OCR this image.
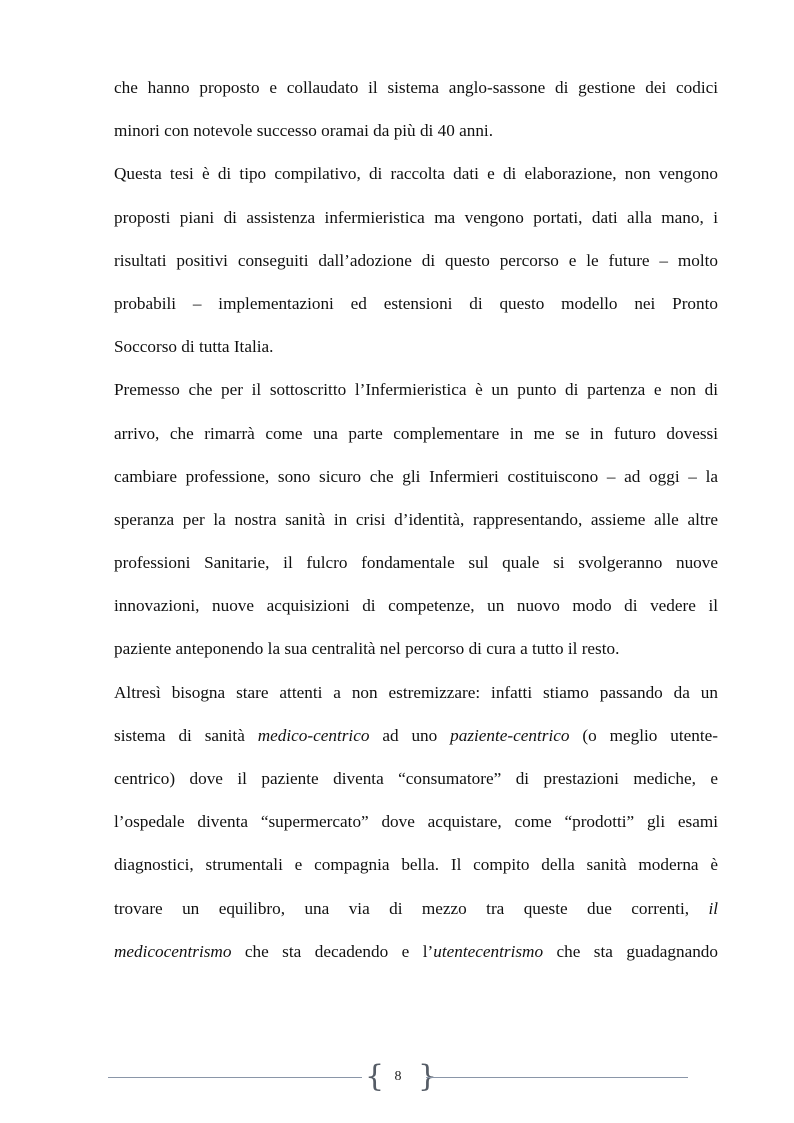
che hanno proposto e collaudato il sistema anglo-sassone di gestione dei codici
minori con notevole successo oramai da più di 40 anni.
Questa tesi è di tipo compilativo, di raccolta dati e di elaborazione, non vengono
proposti piani di assistenza infermieristica ma vengono portati, dati alla mano, i
risultati positivi conseguiti dall’adozione di questo percorso e le future – molto
probabili – implementazioni ed estensioni di questo modello nei Pronto
Soccorso di tutta Italia.
Premesso che per il sottoscritto l’Infermieristica è un punto di partenza e non di
arrivo, che rimarrà come una parte complementare in me se in futuro dovessi
cambiare professione, sono sicuro che gli Infermieri costituiscono – ad oggi – la
speranza per la nostra sanità in crisi d’identità, rappresentando, assieme alle altre
professioni Sanitarie, il fulcro fondamentale sul quale si svolgeranno nuove
innovazioni, nuove acquisizioni di competenze, un nuovo modo di vedere il
paziente anteponendo la sua centralità nel percorso di cura a tutto il resto.
Altresì bisogna stare attenti a non estremizzare: infatti stiamo passando da un
sistema di sanità medico-centrico ad uno paziente-centrico (o meglio utente-
centrico) dove il paziente diventa “consumatore” di prestazioni mediche, e
l’ospedale diventa “supermercato” dove acquistare, come “prodotti” gli esami
diagnostici, strumentali e compagnia bella. Il compito della sanità moderna è
trovare un equilibro, una via di mezzo tra queste due correnti, il
medicocentrismo che sta decadendo e l’utentecentrismo che sta guadagnando
{ 8 }
